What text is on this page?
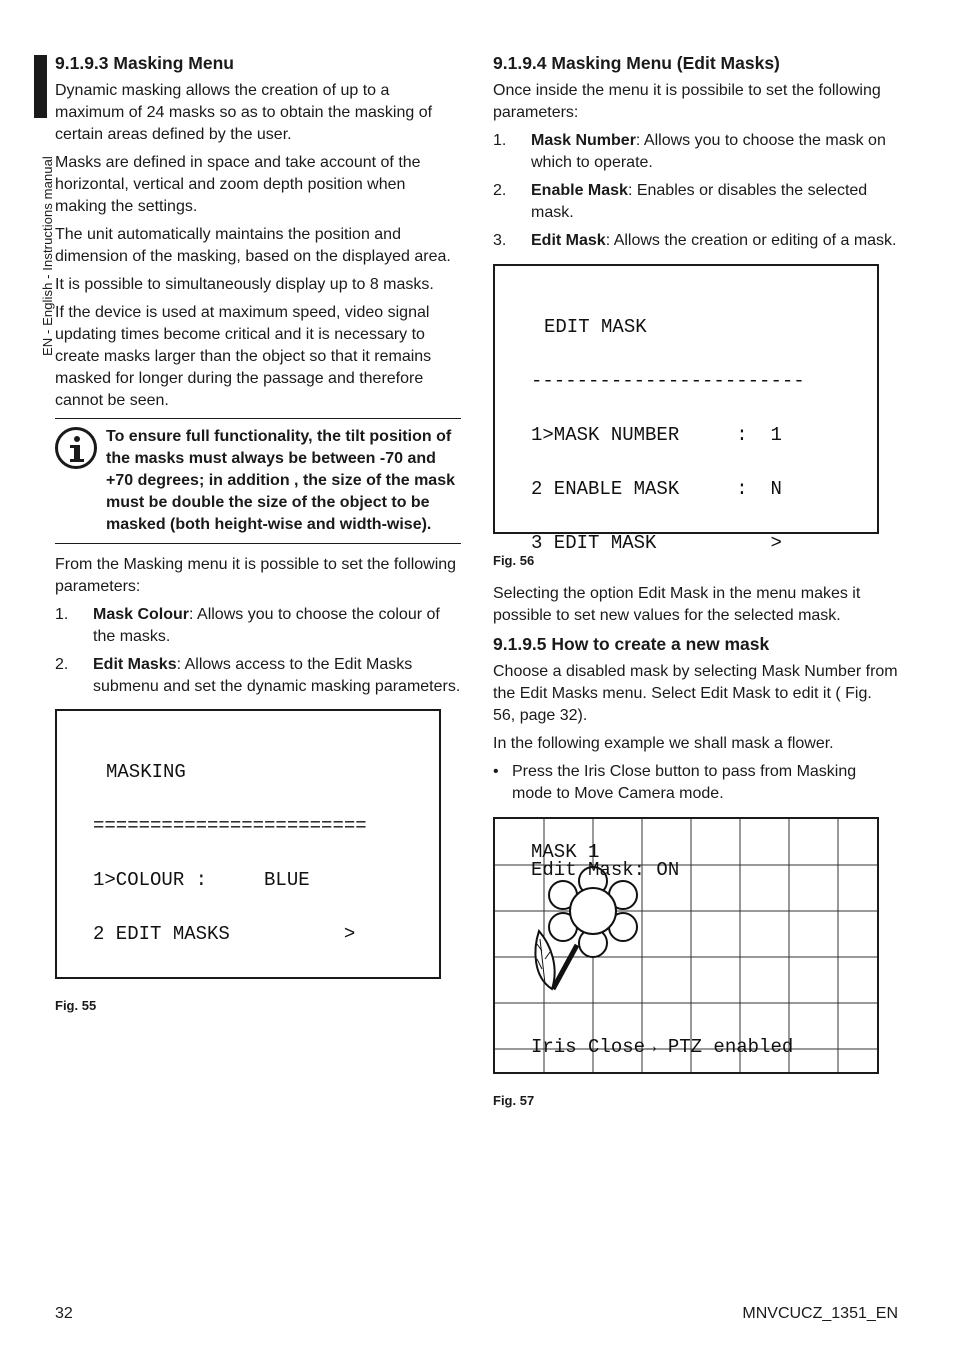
EN - English - Instructions manual
9.1.9.3 Masking Menu

Dynamic masking allows the creation of up to a maximum of 24 masks so as to obtain the masking of certain areas defined by the user.

Masks are defined in space and take account of the horizontal, vertical and zoom depth position when making the settings.

The unit automatically maintains the position and dimension of the masking, based on the displayed area.

It is possible to simultaneously display up to 8 masks.

If the device is used at maximum speed, video signal updating times become critical and it is necessary to create masks larger than the object so that it remains masked for longer during the passage and therefore cannot be seen.

To ensure full functionality, the tilt position of the masks must always be between -70 and +70 degrees; in addition , the size of the mask must be double the size of the object to be masked (both height-wise and width-wise).

From the Masking menu it is possible to set the following parameters:

1. Mask Colour: Allows you to choose the colour of the masks.
2. Edit Masks: Allows access to the Edit Masks submenu and set the dynamic masking parameters.

MASKING

========================

1>COLOUR :     BLUE

2 EDIT MASKS          >

Fig. 55
9.1.9.4 Masking Menu (Edit Masks)

Once inside the menu it is possibile to set the following parameters:

1. Mask Number: Allows you to choose the mask on which to operate.
2. Enable Mask: Enables or disables the selected mask.
3. Edit Mask: Allows the creation or editing of a mask.

EDIT MASK

------------------------

1>MASK NUMBER     :  1

2 ENABLE MASK     :  N

3 EDIT MASK          >

Fig. 56

Selecting the option Edit Mask in the menu makes it possible to set new values for the selected mask.

9.1.9.5 How to create a new mask

Choose a disabled mask by selecting Mask Number from the Edit Masks menu. Select Edit Mask to edit it ( Fig. 56, page 32).

In the following example we shall mask a flower.

• Press the Iris Close button to pass from Masking mode to Move Camera mode.
MASK 1
Edit Mask: ON
Iris Close→ PTZ enabled
Fig. 57
32	MNVCUCZ_1351_EN
